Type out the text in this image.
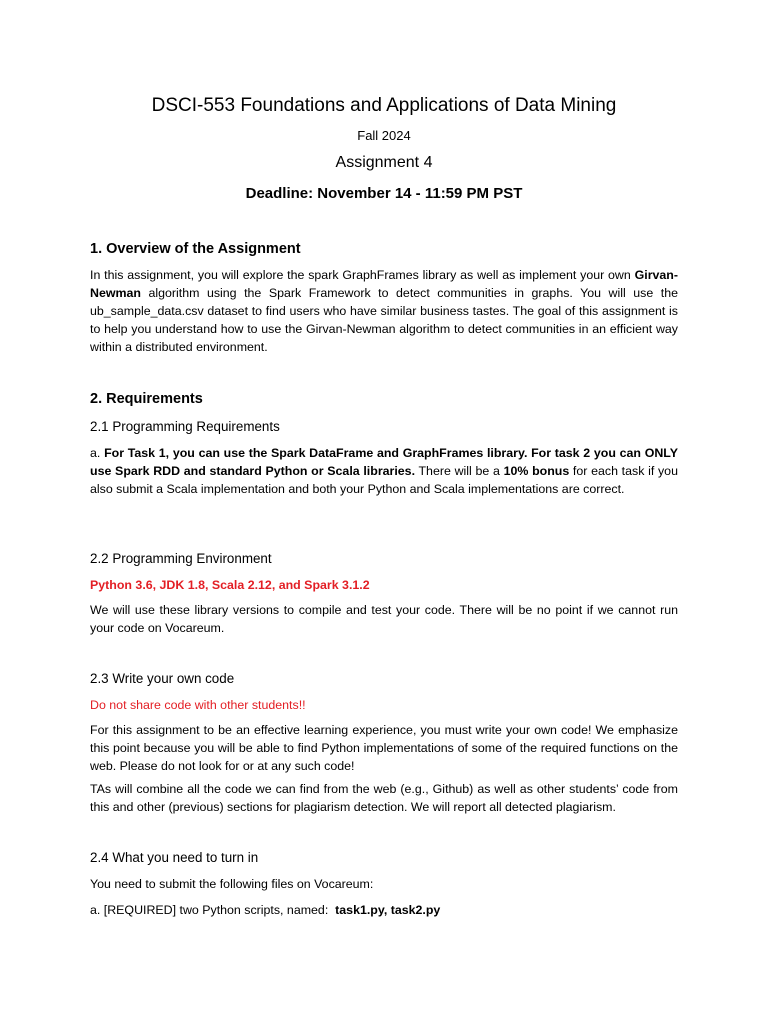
DSCI-553 Foundations and Applications of Data Mining
Fall 2024
Assignment 4
Deadline: November 14 - 11:59 PM PST
1. Overview of the Assignment

In this assignment, you will explore the spark GraphFrames library as well as implement your own Girvan-Newman algorithm using the Spark Framework to detect communities in graphs. You will use the ub_sample_data.csv dataset to find users who have similar business tastes. The goal of this assignment is to help you understand how to use the Girvan-Newman algorithm to detect communities in an efficient way within a distributed environment.

2. Requirements
2.1 Programming Requirements

a. For Task 1, you can use the Spark DataFrame and GraphFrames library. For task 2 you can ONLY use Spark RDD and standard Python or Scala libraries. There will be a 10% bonus for each task if you also submit a Scala implementation and both your Python and Scala implementations are correct.

2.2 Programming Environment
Python 3.6, JDK 1.8, Scala 2.12, and Spark 3.1.2

We will use these library versions to compile and test your code. There will be no point if we cannot run your code on Vocareum.

2.3 Write your own code
Do not share code with other students!!

For this assignment to be an effective learning experience, you must write your own code! We emphasize this point because you will be able to find Python implementations of some of the required functions on the web. Please do not look for or at any such code!

TAs will combine all the code we can find from the web (e.g., Github) as well as other students’ code from this and other (previous) sections for plagiarism detection. We will report all detected plagiarism.

2.4 What you need to turn in
You need to submit the following files on Vocareum:
a. [REQUIRED] two Python scripts, named:  task1.py, task2.py
